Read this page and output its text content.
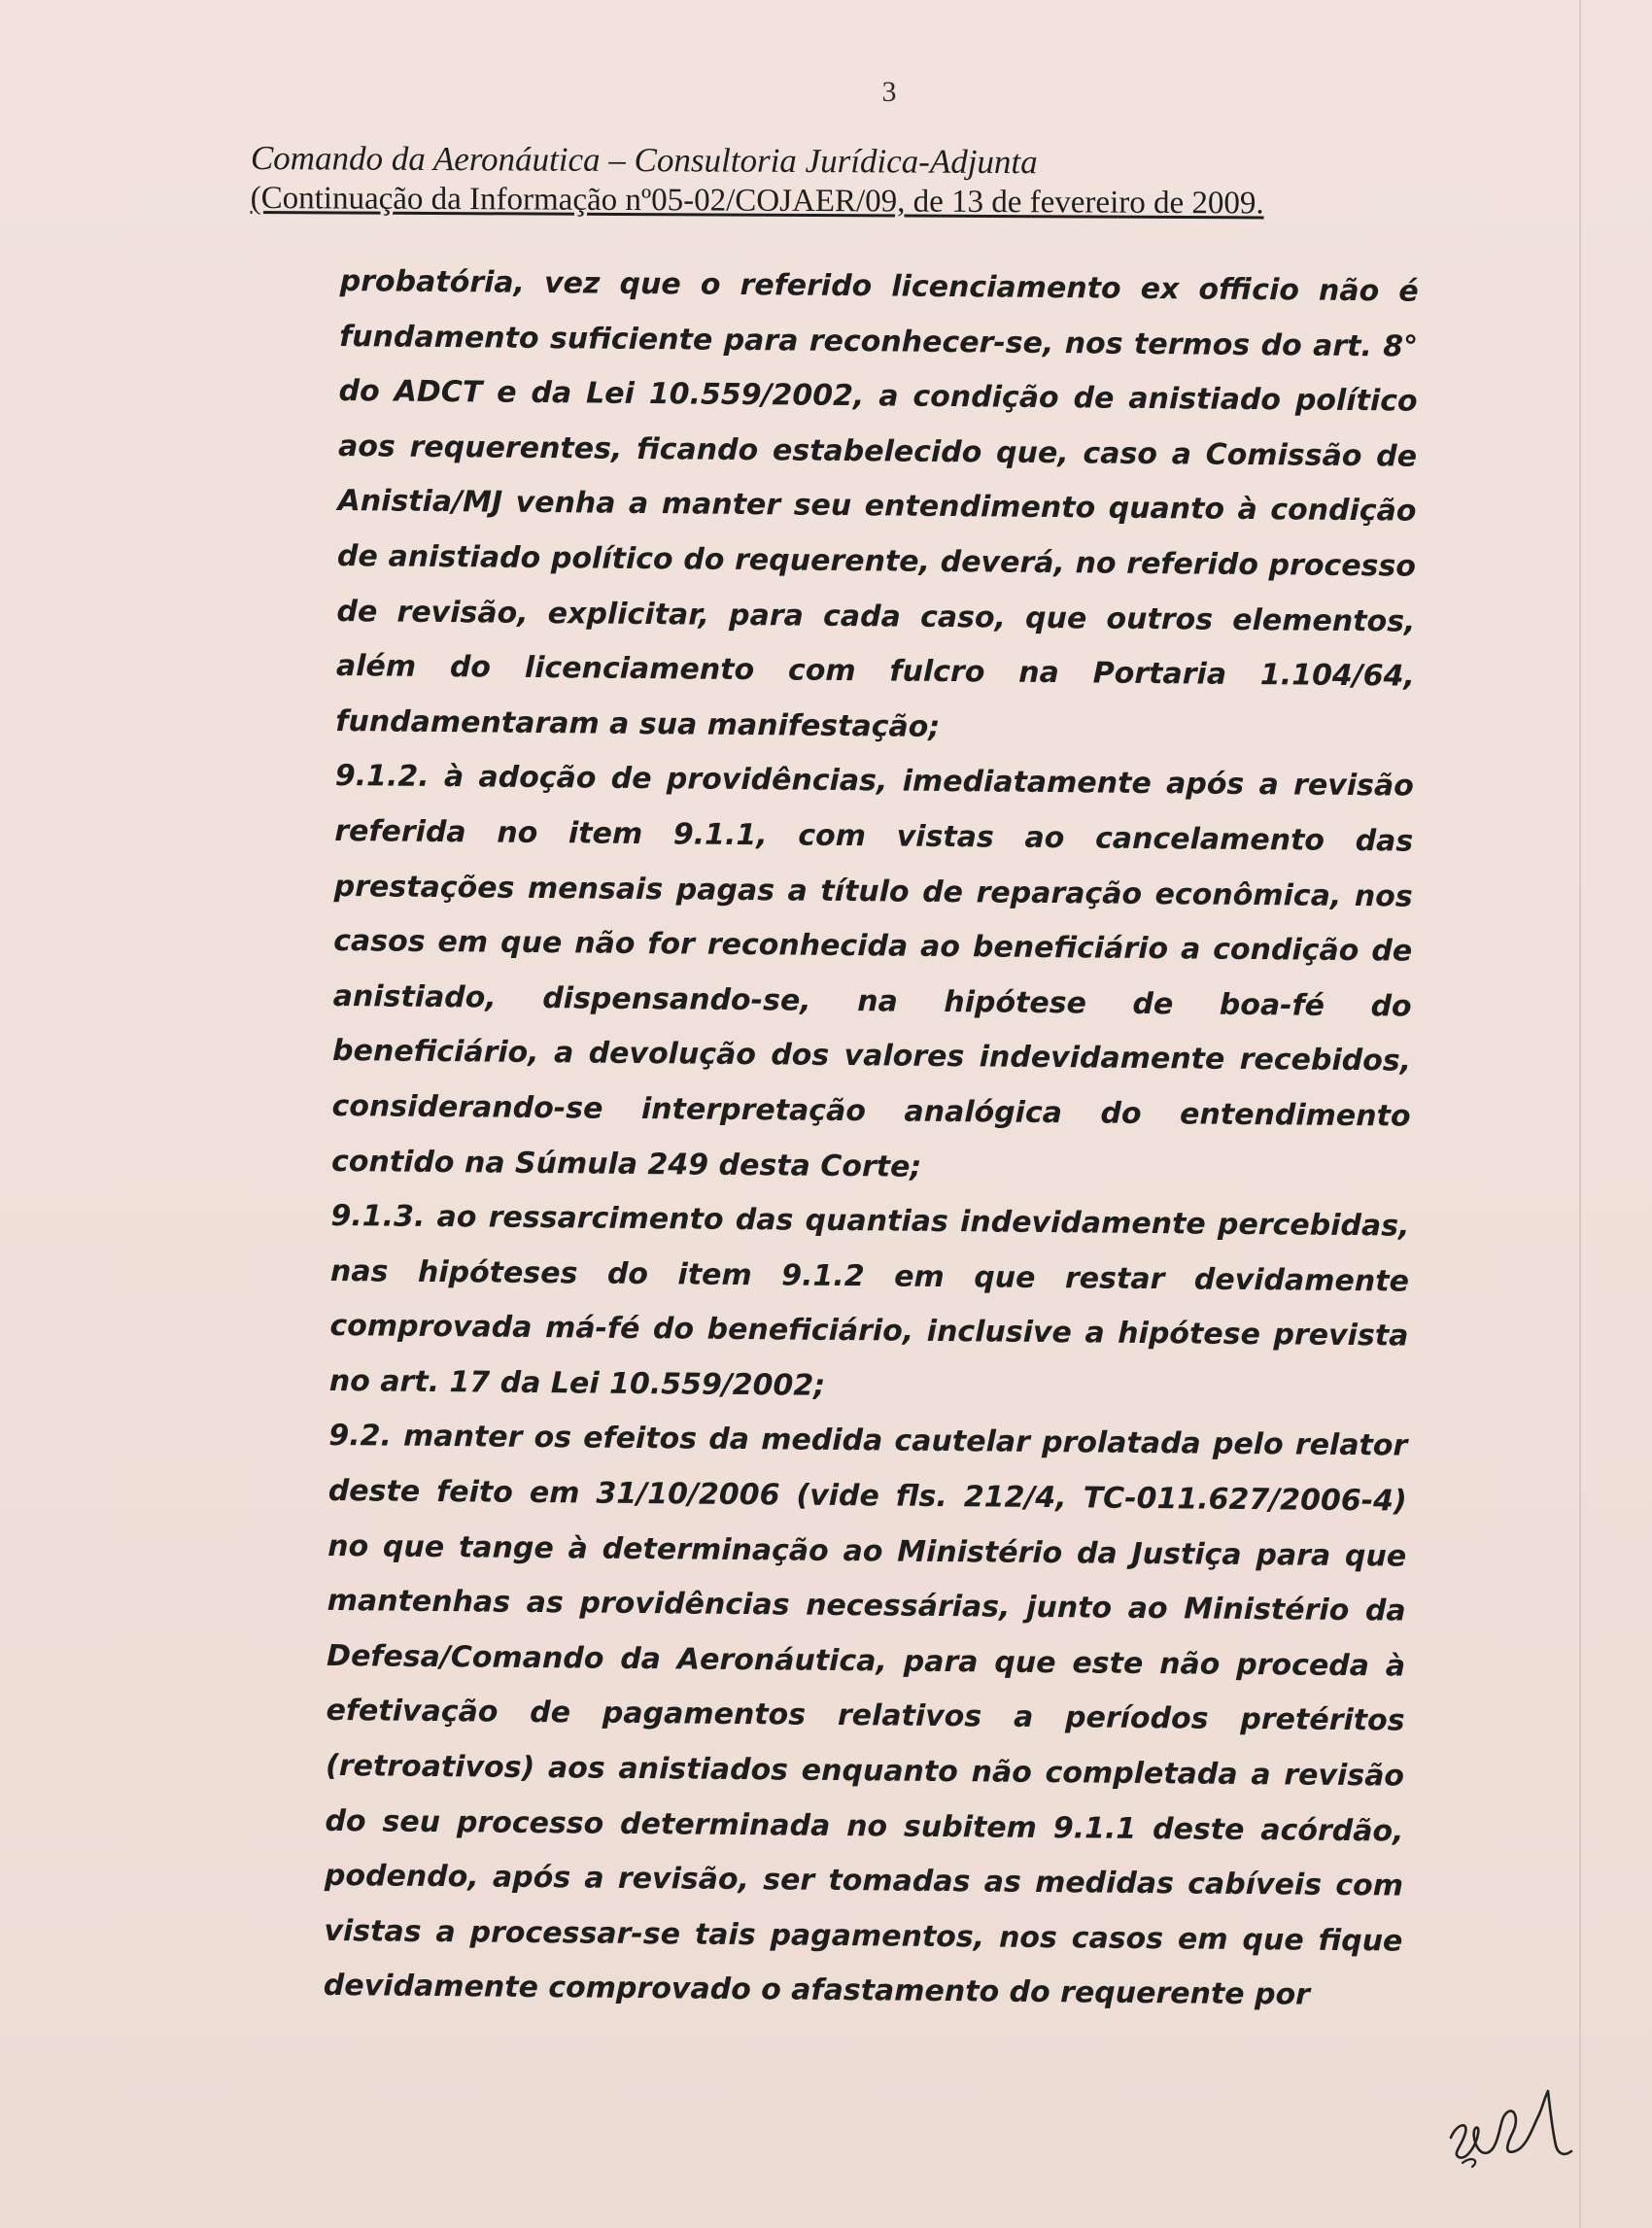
3
Comando da Aeronáutica – Consultoria Jurídica-Adjunta
(Continuação da Informação nº05-02/COJAER/09, de 13 de fevereiro de 2009.

probatória, vez que o referido licenciamento ex officio não é fundamento suficiente para reconhecer-se, nos termos do art. 8° do ADCT e da Lei 10.559/2002, a condição de anistiado político aos requerentes, ficando estabelecido que, caso a Comissão de Anistia/MJ venha a manter seu entendimento quanto à condição de anistiado político do requerente, deverá, no referido processo de revisão, explicitar, para cada caso, que outros elementos, além do licenciamento com fulcro na Portaria 1.104/64, fundamentaram a sua manifestação;

9.1.2. à adoção de providências, imediatamente após a revisão referida no item 9.1.1, com vistas ao cancelamento das prestações mensais pagas a título de reparação econômica, nos casos em que não for reconhecida ao beneficiário a condição de anistiado, dispensando-se, na hipótese de boa-fé do beneficiário, a devolução dos valores indevidamente recebidos, considerando-se interpretação analógica do entendimento contido na Súmula 249 desta Corte;

9.1.3. ao ressarcimento das quantias indevidamente percebidas, nas hipóteses do item 9.1.2 em que restar devidamente comprovada má-fé do beneficiário, inclusive a hipótese prevista no art. 17 da Lei 10.559/2002;

9.2. manter os efeitos da medida cautelar prolatada pelo relator deste feito em 31/10/2006 (vide fls. 212/4, TC-011.627/2006-4) no que tange à determinação ao Ministério da Justiça para que mantenhas as providências necessárias, junto ao Ministério da Defesa/Comando da Aeronáutica, para que este não proceda à efetivação de pagamentos relativos a períodos pretéritos (retroativos) aos anistiados enquanto não completada a revisão do seu processo determinada no subitem 9.1.1 deste acórdão, podendo, após a revisão, ser tomadas as medidas cabíveis com vistas a processar-se tais pagamentos, nos casos em que fique devidamente comprovado o afastamento do requerente por
